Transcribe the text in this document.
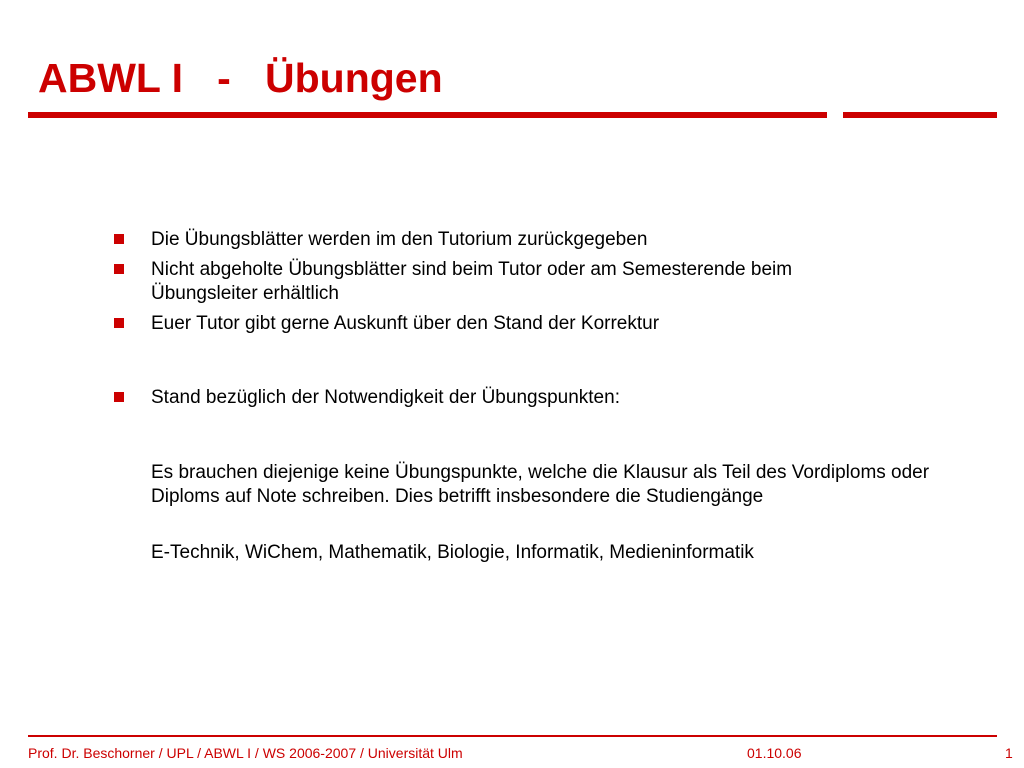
ABWL I   -   Übungen
Die Übungsblätter werden im den Tutorium zurückgegeben
Nicht abgeholte Übungsblätter sind beim Tutor oder am Semesterende beim Übungsleiter erhältlich
Euer Tutor gibt gerne Auskunft über den Stand der Korrektur
Stand bezüglich der Notwendigkeit der Übungspunkten:

Es brauchen diejenige keine Übungspunkte, welche die Klausur als Teil des Vordiploms oder Diploms auf Note schreiben. Dies betrifft insbesondere die Studiengänge

E-Technik, WiChem, Mathematik, Biologie, Informatik, Medieninformatik

Prof. Dr. Beschorner / UPL / ABWL I / WS 2006-2007 / Universität Ulm	01.10.06	1
